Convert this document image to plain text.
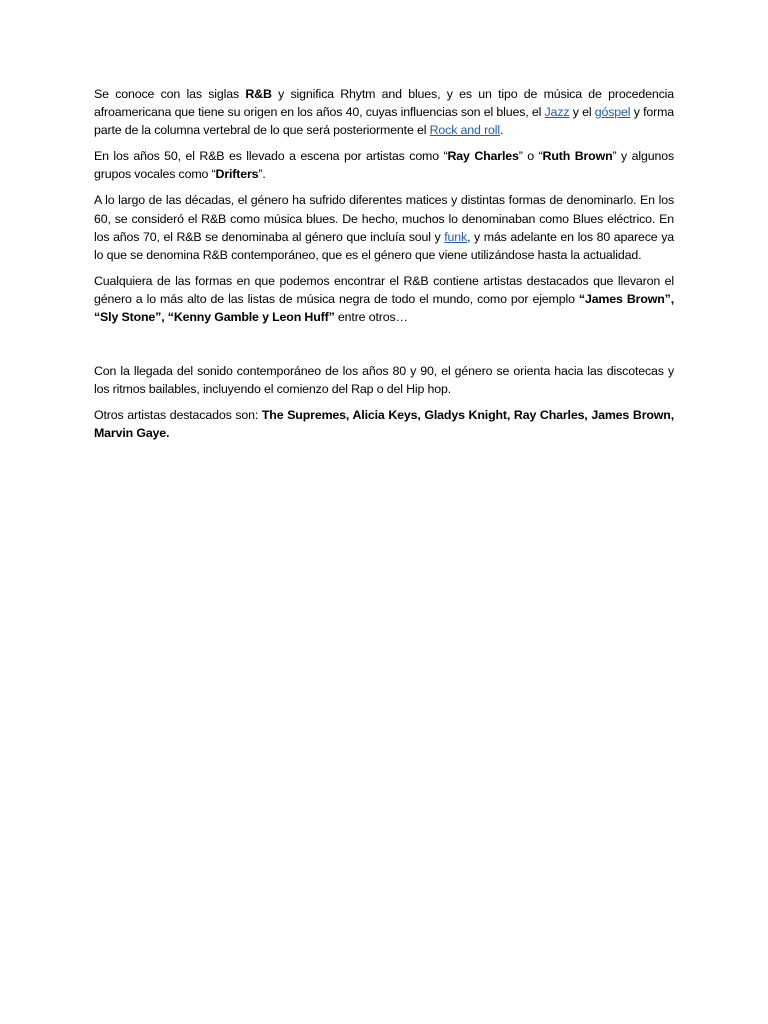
Se conoce con las siglas R&B y significa Rhytm and blues, y es un tipo de música de procedencia afroamericana que tiene su origen en los años 40, cuyas influencias son el blues, el Jazz y el góspel y forma parte de la columna vertebral de lo que será posteriormente el Rock and roll.

En los años 50, el R&B es llevado a escena por artistas como “Ray Charles” o “Ruth Brown” y algunos grupos vocales como “Drifters”.

A lo largo de las décadas, el género ha sufrido diferentes matices y distintas formas de denominarlo. En los 60, se consideró el R&B como música blues. De hecho, muchos lo denominaban como Blues eléctrico. En los años 70, el R&B se denominaba al género que incluía soul y funk, y más adelante en los 80 aparece ya lo que se denomina R&B contemporáneo, que es el género que viene utilizándose hasta la actualidad.

Cualquiera de las formas en que podemos encontrar el R&B contiene artistas destacados que llevaron el género a lo más alto de las listas de música negra de todo el mundo, como por ejemplo “James Brown”, “Sly Stone”, “Kenny Gamble y Leon Huff” entre otros…

Con la llegada del sonido contemporáneo de los años 80 y 90, el género se orienta hacia las discotecas y los ritmos bailables, incluyendo el comienzo del Rap o del Hip hop.

Otros artistas destacados son: The Supremes, Alicia Keys, Gladys Knight, Ray Charles, James Brown, Marvin Gaye.
